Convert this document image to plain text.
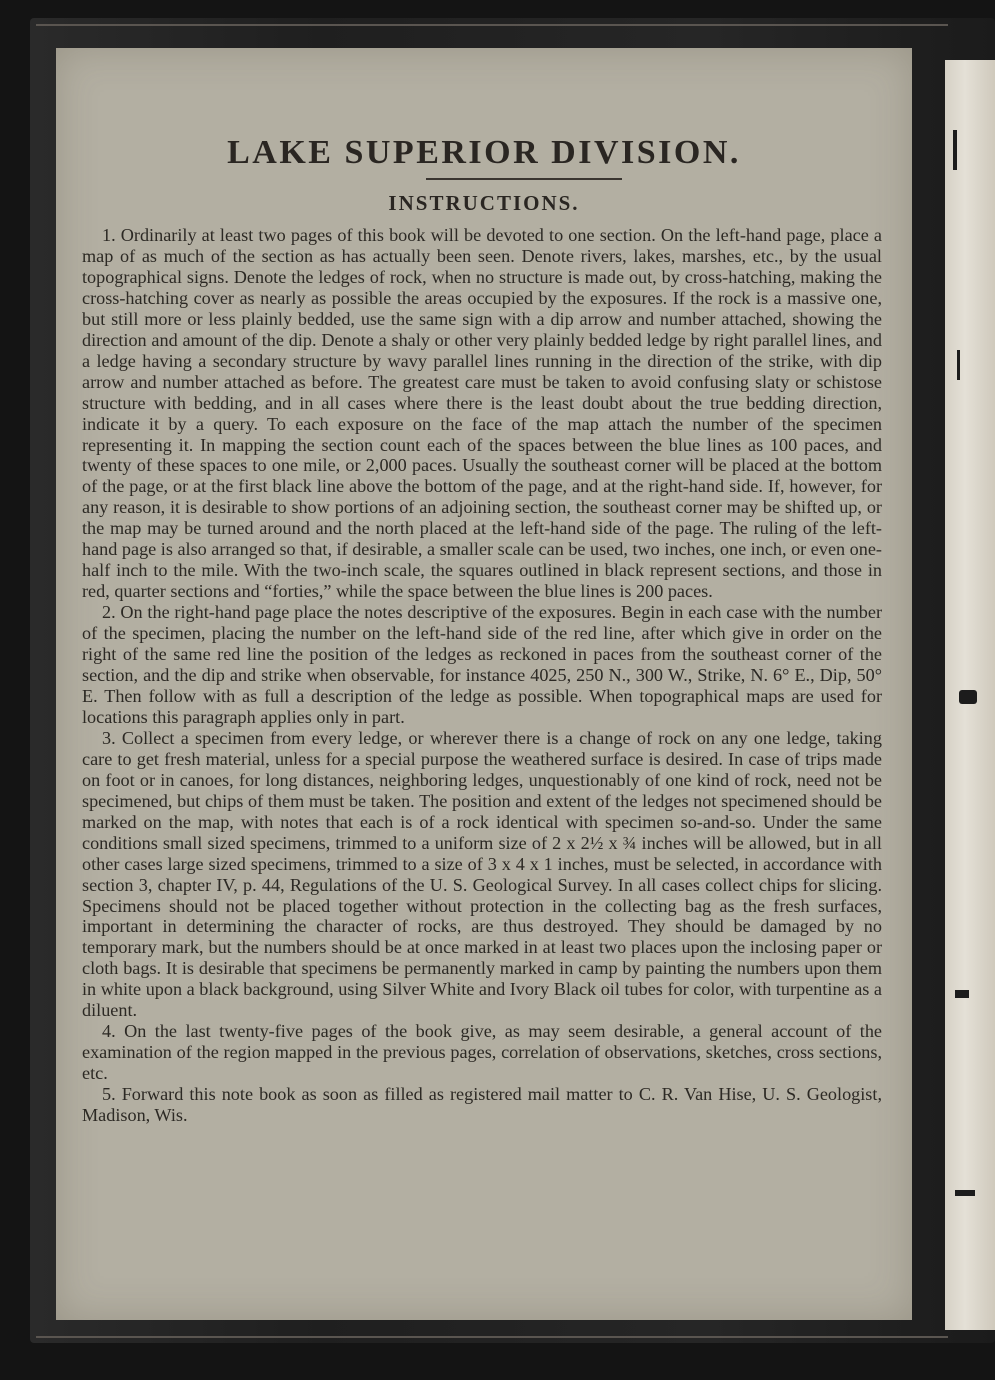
LAKE SUPERIOR DIVISION.
INSTRUCTIONS.

1. Ordinarily at least two pages of this book will be devoted to one section. On the left-hand page, place a map of as much of the section as has actually been seen. Denote rivers, lakes, marshes, etc., by the usual topographical signs. Denote the ledges of rock, when no structure is made out, by cross-hatching, making the cross-hatching cover as nearly as possible the areas occupied by the exposures. If the rock is a massive one, but still more or less plainly bedded, use the same sign with a dip arrow and number attached, showing the direction and amount of the dip. Denote a shaly or other very plainly bedded ledge by right parallel lines, and a ledge having a secondary structure by wavy parallel lines running in the direction of the strike, with dip arrow and number attached as before. The greatest care must be taken to avoid confusing slaty or schistose structure with bedding, and in all cases where there is the least doubt about the true bedding direction, indicate it by a query. To each exposure on the face of the map attach the number of the specimen representing it. In mapping the section count each of the spaces between the blue lines as 100 paces, and twenty of these spaces to one mile, or 2,000 paces. Usually the southeast corner will be placed at the bottom of the page, or at the first black line above the bottom of the page, and at the right-hand side. If, however, for any reason, it is desirable to show portions of an adjoining section, the southeast corner may be shifted up, or the map may be turned around and the north placed at the left-hand side of the page. The ruling of the left-hand page is also arranged so that, if desirable, a smaller scale can be used, two inches, one inch, or even one-half inch to the mile. With the two-inch scale, the squares outlined in black represent sections, and those in red, quarter sections and “forties,” while the space between the blue lines is 200 paces.

2. On the right-hand page place the notes descriptive of the exposures. Begin in each case with the number of the specimen, placing the number on the left-hand side of the red line, after which give in order on the right of the same red line the position of the ledges as reckoned in paces from the southeast corner of the section, and the dip and strike when observable, for instance 4025, 250 N., 300 W., Strike, N. 6° E., Dip, 50° E. Then follow with as full a description of the ledge as possible. When topographical maps are used for locations this paragraph applies only in part.

3. Collect a specimen from every ledge, or wherever there is a change of rock on any one ledge, taking care to get fresh material, unless for a special purpose the weathered surface is desired. In case of trips made on foot or in canoes, for long distances, neighboring ledges, unquestionably of one kind of rock, need not be specimened, but chips of them must be taken. The position and extent of the ledges not specimened should be marked on the map, with notes that each is of a rock identical with specimen so-and-so. Under the same conditions small sized specimens, trimmed to a uniform size of 2 x 2½ x ¾ inches will be allowed, but in all other cases large sized specimens, trimmed to a size of 3 x 4 x 1 inches, must be selected, in accordance with section 3, chapter IV, p. 44, Regulations of the U. S. Geological Survey. In all cases collect chips for slicing. Specimens should not be placed together without protection in the collecting bag as the fresh surfaces, important in determining the character of rocks, are thus destroyed. They should be damaged by no temporary mark, but the numbers should be at once marked in at least two places upon the inclosing paper or cloth bags. It is desirable that specimens be permanently marked in camp by painting the numbers upon them in white upon a black background, using Silver White and Ivory Black oil tubes for color, with turpentine as a diluent.

4. On the last twenty-five pages of the book give, as may seem desirable, a general account of the examination of the region mapped in the previous pages, correlation of observations, sketches, cross sections, etc.

5. Forward this note book as soon as filled as registered mail matter to C. R. Van Hise, U. S. Geologist, Madison, Wis.
